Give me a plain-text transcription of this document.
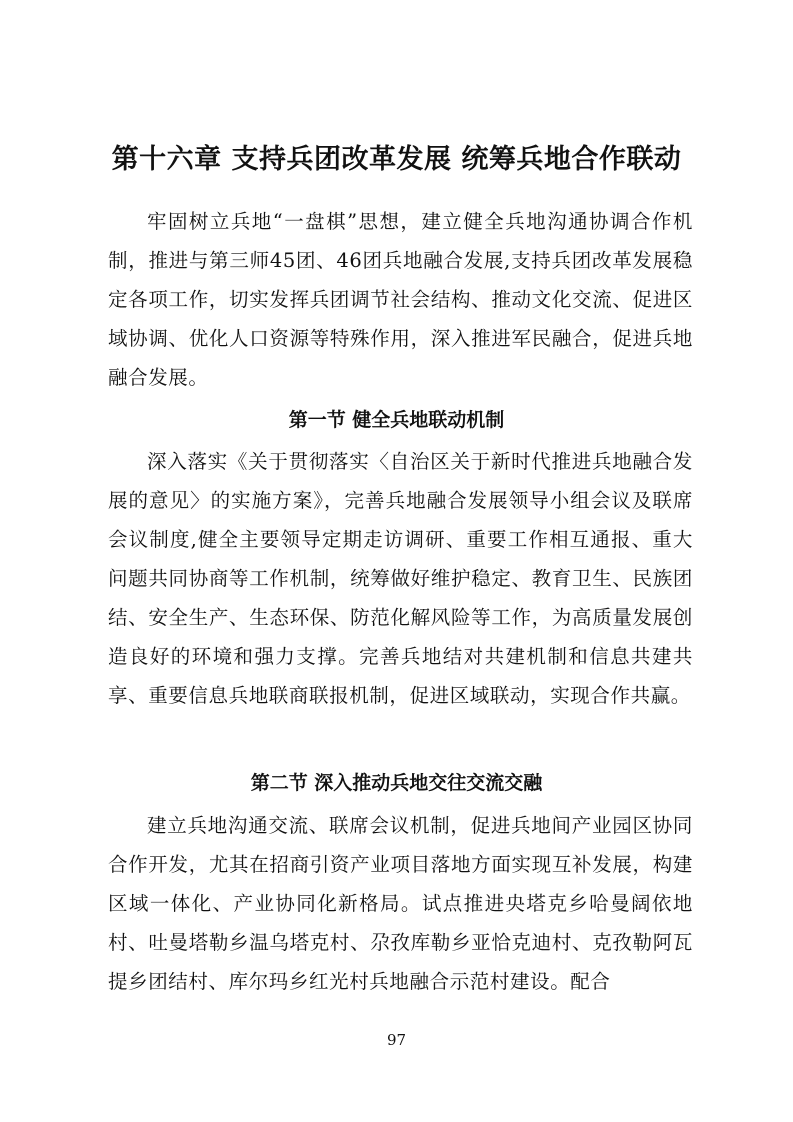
第十六章 支持兵团改革发展 统筹兵地合作联动

牢固树立兵地“一盘棋”思想，建立健全兵地沟通协调合作机制，推进与第三师45团、46团兵地融合发展,支持兵团改革发展稳定各项工作，切实发挥兵团调节社会结构、推动文化交流、促进区域协调、优化人口资源等特殊作用，深入推进军民融合，促进兵地融合发展。

第一节 健全兵地联动机制

深入落实《关于贯彻落实〈自治区关于新时代推进兵地融合发展的意见〉的实施方案》，完善兵地融合发展领导小组会议及联席会议制度,健全主要领导定期走访调研、重要工作相互通报、重大问题共同协商等工作机制，统筹做好维护稳定、教育卫生、民族团结、安全生产、生态环保、防范化解风险等工作，为高质量发展创造良好的环境和强力支撑。完善兵地结对共建机制和信息共建共享、重要信息兵地联商联报机制，促进区域联动，实现合作共赢。

第二节 深入推动兵地交往交流交融

建立兵地沟通交流、联席会议机制，促进兵地间产业园区协同合作开发，尤其在招商引资产业项目落地方面实现互补发展，构建区域一体化、产业协同化新格局。试点推进央塔克乡哈曼阔依地村、吐曼塔勒乡温乌塔克村、尕孜库勒乡亚恰克迪村、克孜勒阿瓦提乡团结村、库尔玛乡红光村兵地融合示范村建设。配合

97
